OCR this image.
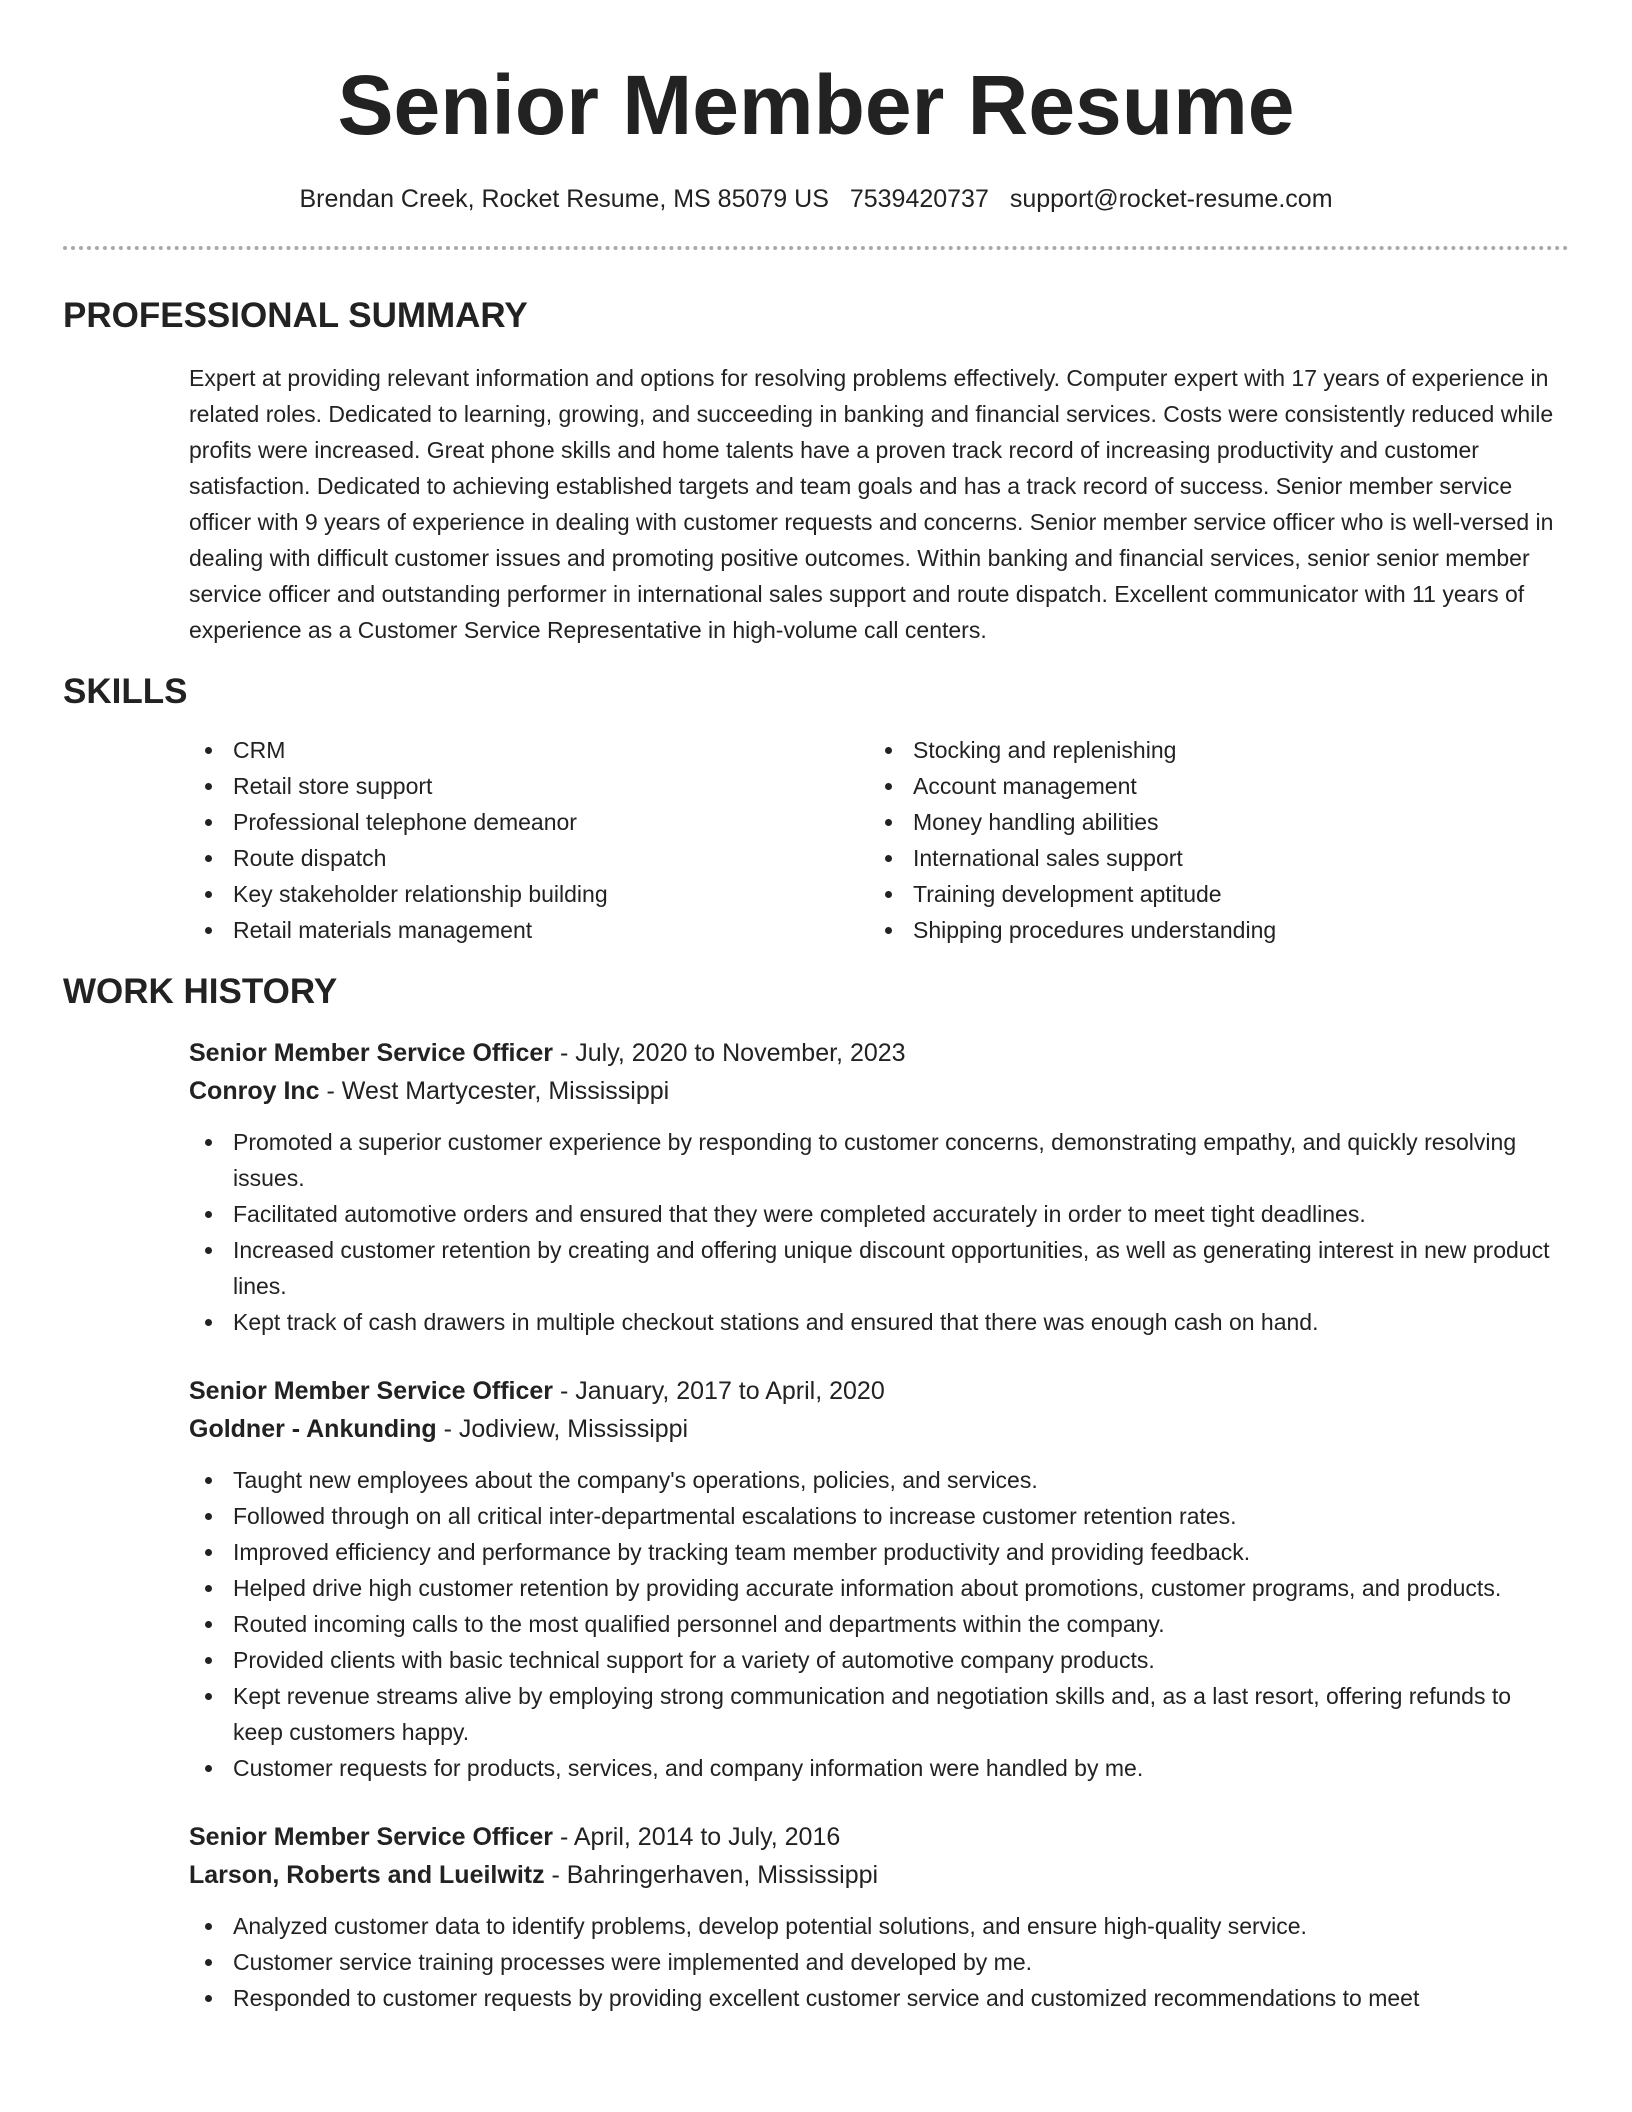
Senior Member Resume
Brendan Creek, Rocket Resume, MS 85079 US 7539420737 support@rocket-resume.com
PROFESSIONAL SUMMARY
Expert at providing relevant information and options for resolving problems effectively. Computer expert with 17 years of experience in related roles. Dedicated to learning, growing, and succeeding in banking and financial services. Costs were consistently reduced while profits were increased. Great phone skills and home talents have a proven track record of increasing productivity and customer satisfaction. Dedicated to achieving established targets and team goals and has a track record of success. Senior member service officer with 9 years of experience in dealing with customer requests and concerns. Senior member service officer who is well-versed in dealing with difficult customer issues and promoting positive outcomes. Within banking and financial services, senior senior member service officer and outstanding performer in international sales support and route dispatch. Excellent communicator with 11 years of experience as a Customer Service Representative in high-volume call centers.
SKILLS
CRM
Retail store support
Professional telephone demeanor
Route dispatch
Key stakeholder relationship building
Retail materials management
Stocking and replenishing
Account management
Money handling abilities
International sales support
Training development aptitude
Shipping procedures understanding
WORK HISTORY
Senior Member Service Officer - July, 2020 to November, 2023
Conroy Inc - West Martycester, Mississippi
Promoted a superior customer experience by responding to customer concerns, demonstrating empathy, and quickly resolving issues.
Facilitated automotive orders and ensured that they were completed accurately in order to meet tight deadlines.
Increased customer retention by creating and offering unique discount opportunities, as well as generating interest in new product lines.
Kept track of cash drawers in multiple checkout stations and ensured that there was enough cash on hand.
Senior Member Service Officer - January, 2017 to April, 2020
Goldner - Ankunding - Jodiview, Mississippi
Taught new employees about the company's operations, policies, and services.
Followed through on all critical inter-departmental escalations to increase customer retention rates.
Improved efficiency and performance by tracking team member productivity and providing feedback.
Helped drive high customer retention by providing accurate information about promotions, customer programs, and products.
Routed incoming calls to the most qualified personnel and departments within the company.
Provided clients with basic technical support for a variety of automotive company products.
Kept revenue streams alive by employing strong communication and negotiation skills and, as a last resort, offering refunds to keep customers happy.
Customer requests for products, services, and company information were handled by me.
Senior Member Service Officer - April, 2014 to July, 2016
Larson, Roberts and Lueilwitz - Bahringerhaven, Mississippi
Analyzed customer data to identify problems, develop potential solutions, and ensure high-quality service.
Customer service training processes were implemented and developed by me.
Responded to customer requests by providing excellent customer service and customized recommendations to meet
